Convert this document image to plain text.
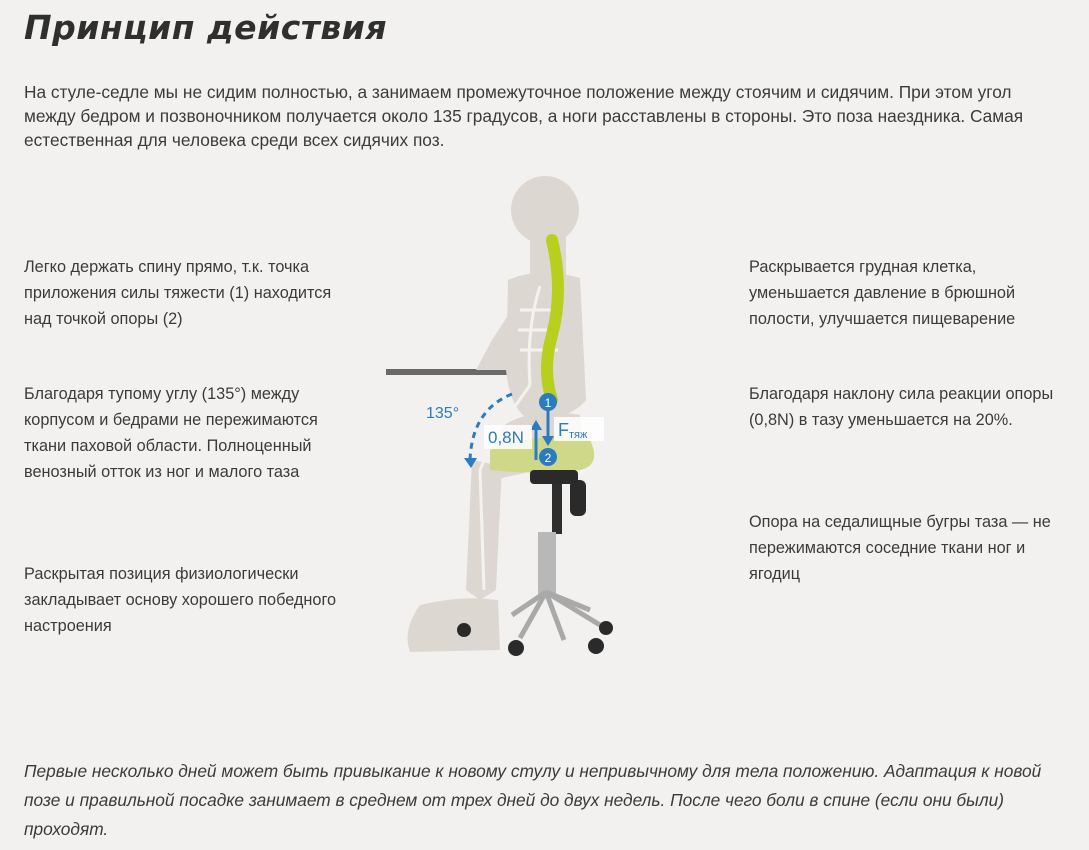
Принцип действия
На стуле-седле мы не сидим полностью, а занимаем промежуточное положение между стоячим и сидячим. При этом угол между бедром и позвоночником получается около 135 градусов, а ноги расставлены в стороны. Это поза наездника. Самая естественная для человека среди всех сидячих поз.
Легко держать спину прямо, т.к. точка приложения силы тяжести (1) находится над точкой опоры (2)
Благодаря тупому углу (135°) между корпусом и бедрами не пережимаются ткани паховой области. Полноценный венозный отток из ног и малого таза
Раскрытая позиция физиологически закладывает основу хорошего победного настроения
Раскрывается грудная клетка, уменьшается давление в брюшной полости, улучшается пищеварение
Благодаря наклону сила реакции опоры (0,8N) в тазу уменьшается на 20%.
Опора на седалищные бугры таза — не пережимаются соседние ткани ног и ягодиц
135°
1
2
0,8N Fтяж
Первые несколько дней может быть привыкание к новому стулу и непривычному для тела положению. Адаптация к новой позе и правильной посадке занимает в среднем от трех дней до двух недель. После чего боли в спине (если они были) проходят.
